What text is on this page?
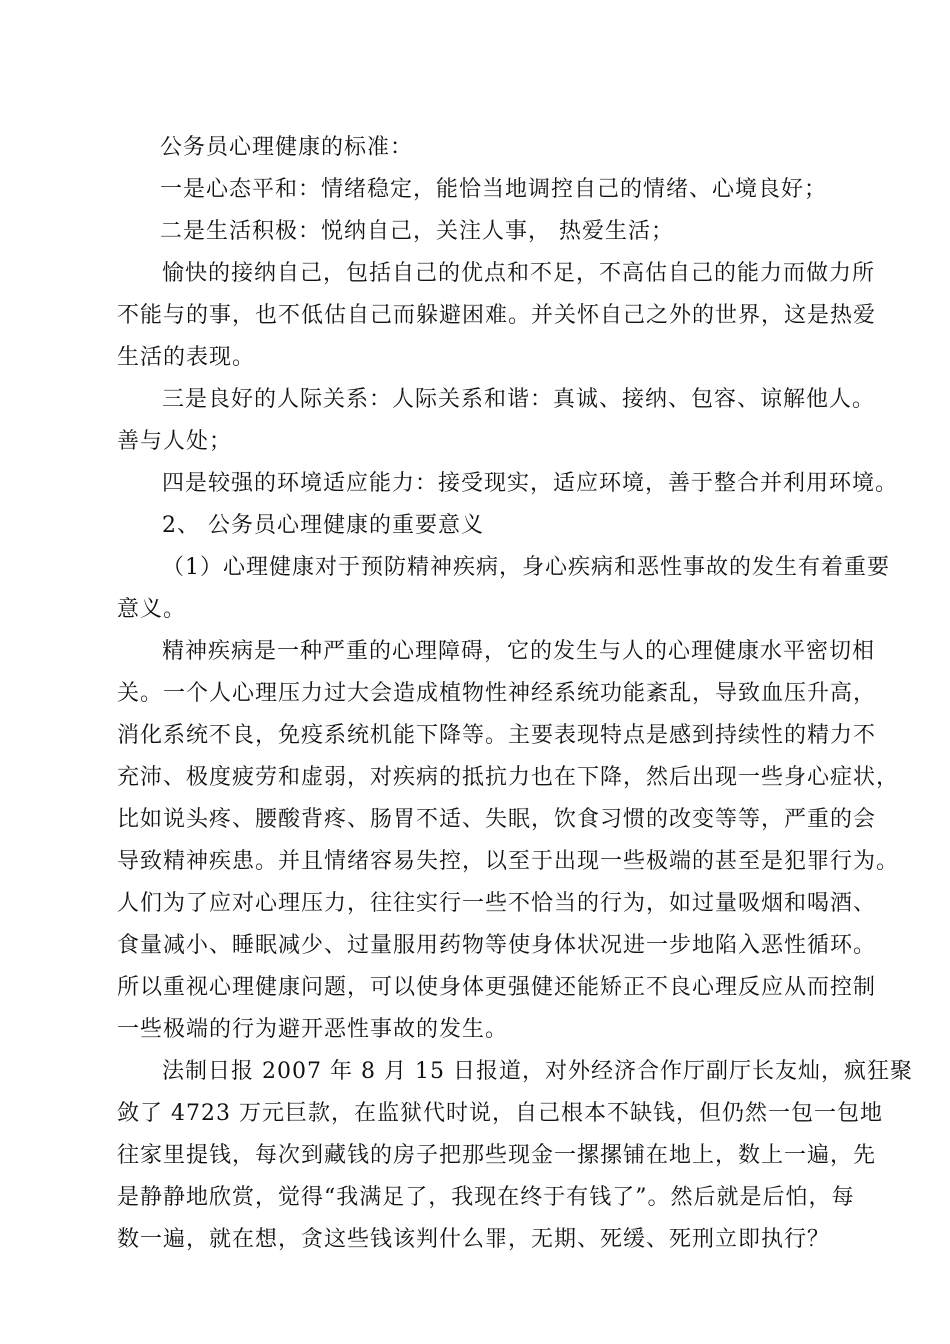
公务员心理健康的标准：
一是心态平和：情绪稳定，能恰当地调控自己的情绪、心境良好；
二是生活积极：悦纳自己，关注人事， 热爱生活；
愉快的接纳自己，包括自己的优点和不足，不高估自己的能力而做力所
不能与的事，也不低估自己而躲避困难。并关怀自己之外的世界，这是热爱
生活的表现。
三是良好的人际关系：人际关系和谐：真诚、接纳、包容、谅解他人。
善与人处；
四是较强的环境适应能力：接受现实，适应环境，善于整合并利用环境。
2、 公务员心理健康的重要意义
（1）心理健康对于预防精神疾病，身心疾病和恶性事故的发生有着重要
意义。
精神疾病是一种严重的心理障碍，它的发生与人的心理健康水平密切相
关。一个人心理压力过大会造成植物性神经系统功能紊乱，导致血压升高，
消化系统不良，免疫系统机能下降等。主要表现特点是感到持续性的精力不
充沛、极度疲劳和虚弱，对疾病的抵抗力也在下降，然后出现一些身心症状，
比如说头疼、腰酸背疼、肠胃不适、失眠，饮食习惯的改变等等，严重的会
导致精神疾患。并且情绪容易失控，以至于出现一些极端的甚至是犯罪行为。
人们为了应对心理压力，往往实行一些不恰当的行为，如过量吸烟和喝酒、
食量减小、睡眠减少、过量服用药物等使身体状况进一步地陷入恶性循环。
所以重视心理健康问题，可以使身体更强健还能矫正不良心理反应从而控制
一些极端的行为避开恶性事故的发生。
法制日报 2007 年 8 月 15 日报道，对外经济合作厅副厅长友灿，疯狂聚
敛了 4723 万元巨款，在监狱代时说，自己根本不缺钱，但仍然一包一包地
往家里提钱，每次到藏钱的房子把那些现金一摞摞铺在地上，数上一遍，先
是静静地欣赏，觉得“我满足了，我现在终于有钱了”。然后就是后怕，每
数一遍，就在想，贪这些钱该判什么罪，无期、死缓、死刑立即执行？
